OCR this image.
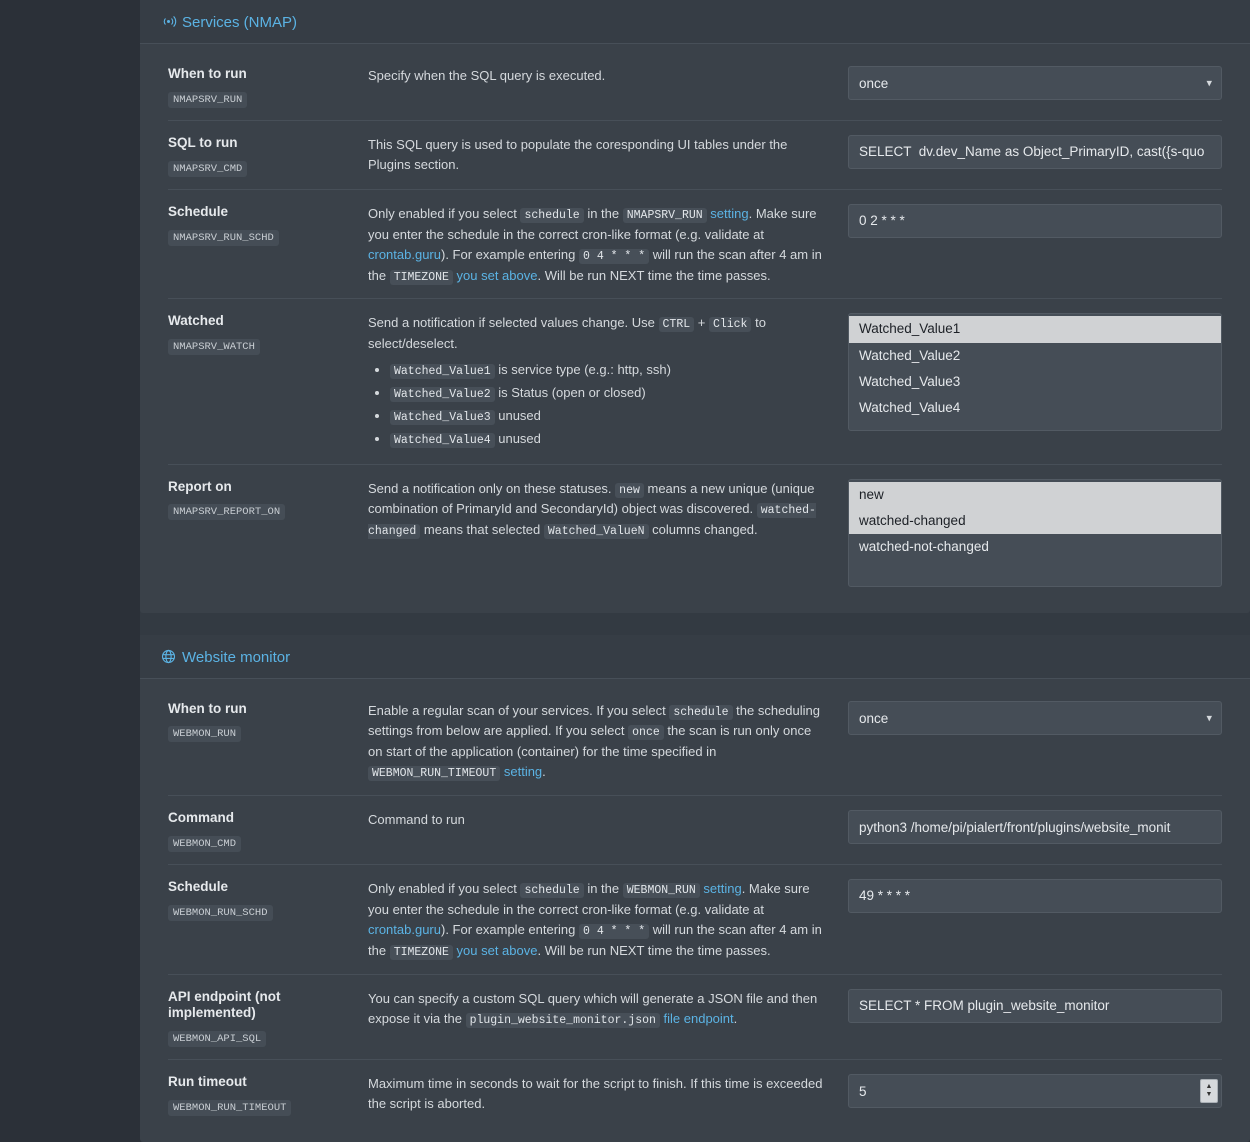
Services (NMAP)
When to run
NMAPSRV_RUN
Specify when the SQL query is executed.
once
▾
SQL to run
NMAPSRV_CMD
This SQL query is used to populate the coresponding UI tables under the Plugins section.
SELECT dv.dev_Name as Object_PrimaryID, cast({s-quo
Schedule
NMAPSRV_RUN_SCHD
Only enabled if you select schedule in the NMAPSRV_RUN setting. Make sure you enter the schedule in the correct cron-like format (e.g. validate at crontab.guru). For example entering 0 4 * * * will run the scan after 4 am in the TIMEZONE you set above. Will be run NEXT time the time passes.
0 2 * * *
Watched
NMAPSRV_WATCH
Send a notification if selected values change. Use CTRL + Click to select/deselect.
• Watched_Value1 is service type (e.g.: http, ssh)
• Watched_Value2 is Status (open or closed)
• Watched_Value3 unused
• Watched_Value4 unused
Watched_Value1
Watched_Value2
Watched_Value3
Watched_Value4
Report on
NMAPSRV_REPORT_ON
Send a notification only on these statuses. new means a new unique (unique combination of PrimaryId and SecondaryId) object was discovered. watched-changed means that selected Watched_ValueN columns changed.
new
watched-changed
watched-not-changed
Website monitor
When to run
WEBMON_RUN
Enable a regular scan of your services. If you select schedule the scheduling settings from below are applied. If you select once the scan is run only once on start of the application (container) for the time specified in WEBMON_RUN_TIMEOUT setting.
once
▾
Command
WEBMON_CMD
Command to run
python3 /home/pi/pialert/front/plugins/website_monit
Schedule
WEBMON_RUN_SCHD
Only enabled if you select schedule in the WEBMON_RUN setting. Make sure you enter the schedule in the correct cron-like format (e.g. validate at crontab.guru). For example entering 0 4 * * * will run the scan after 4 am in the TIMEZONE you set above. Will be run NEXT time the time passes.
49 * * * *
API endpoint (not implemented)
WEBMON_API_SQL
You can specify a custom SQL query which will generate a JSON file and then expose it via the plugin_website_monitor.json file endpoint.
SELECT * FROM plugin_website_monitor
Run timeout
WEBMON_RUN_TIMEOUT
Maximum time in seconds to wait for the script to finish. If this time is exceeded the script is aborted.
5
▲
▼
